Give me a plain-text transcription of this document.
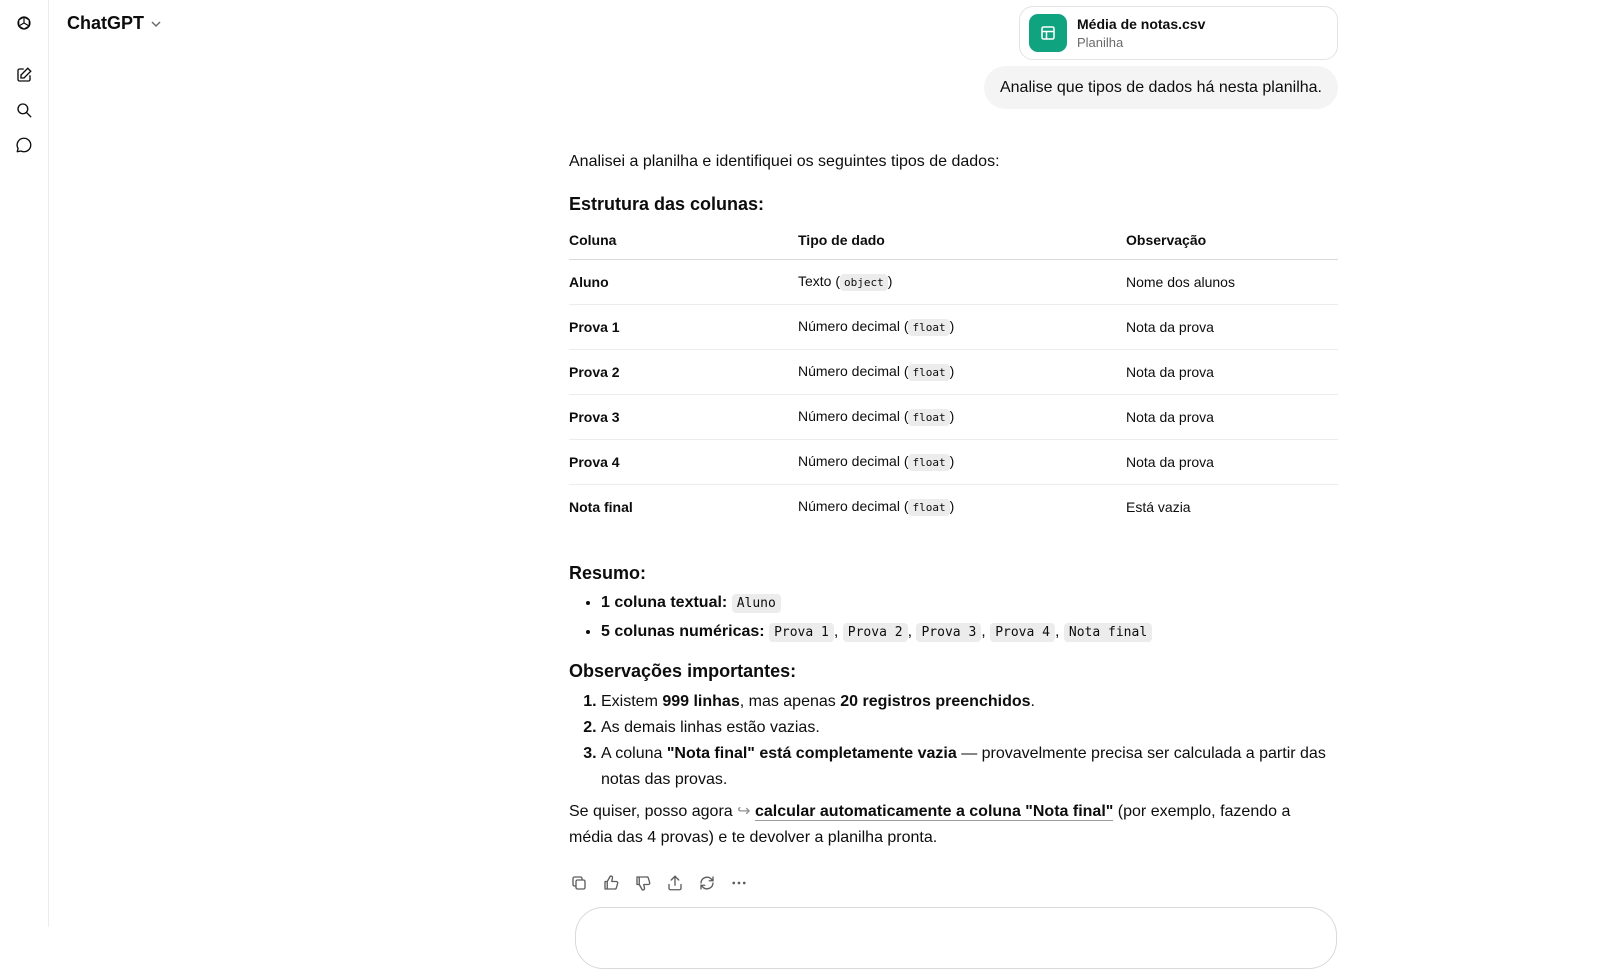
ChatGPT	Média de notas.csv
Planilha
Analise que tipos de dados há nesta planilha.

Analisei a planilha e identifiquei os seguintes tipos de dados:

Estrutura das colunas:
Coluna	Tipo de dado	Observação
Aluno	Texto ( object )	Nome dos alunos
Prova 1	Número decimal ( float )	Nota da prova
Prova 2	Número decimal ( float )	Nota da prova
Prova 3	Número decimal ( float )	Nota da prova
Prova 4	Número decimal ( float )	Nota da prova
Nota final	Número decimal ( float )	Está vazia
Resumo:
• 1 coluna textual: Aluno
• 5 colunas numéricas: Prova 1 , Prova 2 , Prova 3 , Prova 4 , Nota final
Observações importantes:
1. Existem 999 linhas, mas apenas 20 registros preenchidos.
2. As demais linhas estão vazias.
3. A coluna "Nota final" está completamente vazia — provavelmente precisa ser calculada a partir das notas das provas.

Se quiser, posso agora ↪ calcular automaticamente a coluna "Nota final" (por exemplo, fazendo a média das 4 provas) e te devolver a planilha pronta.
